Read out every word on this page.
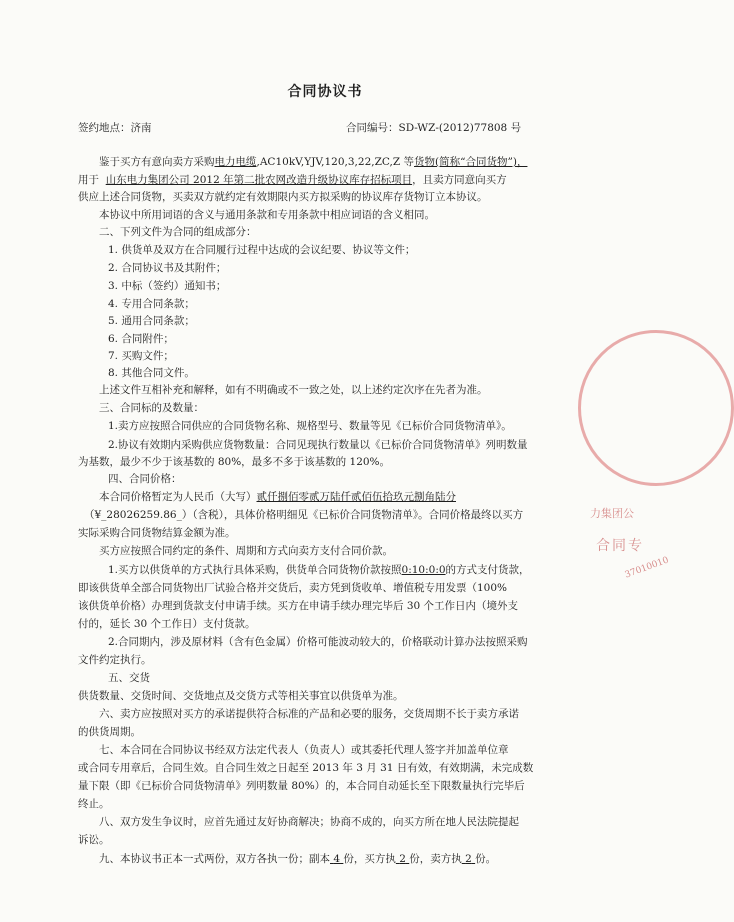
合同协议书
签约地点：济南	合同编号：SD-WZ-(2012)77808 号
鉴于买方有意向卖方采购电力电缆,AC10kV,YJV,120,3,22,ZC,Z 等货物(简称“合同货物”)，
用于 山东电力集团公司 2012 年第二批农网改造升级协议库存招标项目，且卖方同意向买方
供应上述合同货物，买卖双方就约定有效期限内买方拟采购的协议库存货物订立本协议。
本协议中所用词语的含义与通用条款和专用条款中相应词语的含义相同。
二、下列文件为合同的组成部分：
1. 供货单及双方在合同履行过程中达成的会议纪要、协议等文件；
2. 合同协议书及其附件；
3. 中标（签约）通知书；
4. 专用合同条款；
5. 通用合同条款；
6. 合同附件；
7. 买购文件；
8. 其他合同文件。
上述文件互相补充和解释，如有不明确或不一致之处，以上述约定次序在先者为准。
三、合同标的及数量：
1.卖方应按照合同供应的合同货物名称、规格型号、数量等见《已标价合同货物清单》。
2.协议有效期内采购供应货物数量：合同见现执行数量以《已标价合同货物清单》列明数量
为基数，最少不少于该基数的 80%，最多不多于该基数的 120%。
四、合同价格：
本合同价格暂定为人民币（大写）贰仟捌佰零贰万陆仟贰佰伍拾玖元捌角陆分
（¥_28026259.86_）（含税），具体价格明细见《已标价合同货物清单》。合同价格最终以买方
实际采购合同货物结算金额为准。
买方应按照合同约定的条件、周期和方式向卖方支付合同价款。
1.买方以供货单的方式执行具体采购，供货单合同货物价款按照0:10:0:0的方式支付货款，
即该供货单全部合同货物出厂试验合格并交货后，卖方凭到货收单、增值税专用发票（100%
该供货单价格）办理到货款支付申请手续。买方在申请手续办理完毕后 30 个工作日内（境外支
付的，延长 30 个工作日）支付货款。
2.合同期内，涉及原材料（含有色金属）价格可能波动较大的，价格联动计算办法按照采购
文件约定执行。
五、交货
供货数量、交货时间、交货地点及交货方式等相关事宜以供货单为准。
六、卖方应按照对买方的承诺提供符合标准的产品和必要的服务，交货周期不长于卖方承诺
的供货周期。
七、本合同在合同协议书经双方法定代表人（负责人）或其委托代理人签字并加盖单位章
或合同专用章后，合同生效。自合同生效之日起至 2013 年 3 月 31 日有效，有效期满，未完成数
量下限（即《已标价合同货物清单》列明数量 80%）的，本合同自动延长至下限数量执行完毕后
终止。
八、双方发生争议时，应首先通过友好协商解决；协商不成的，向买方所在地人民法院提起
诉讼。
九、本协议书正本一式两份，双方各执一份；副本 4 份，买方执 2 份，卖方执 2 份。
力集团公
合同专
37010010
